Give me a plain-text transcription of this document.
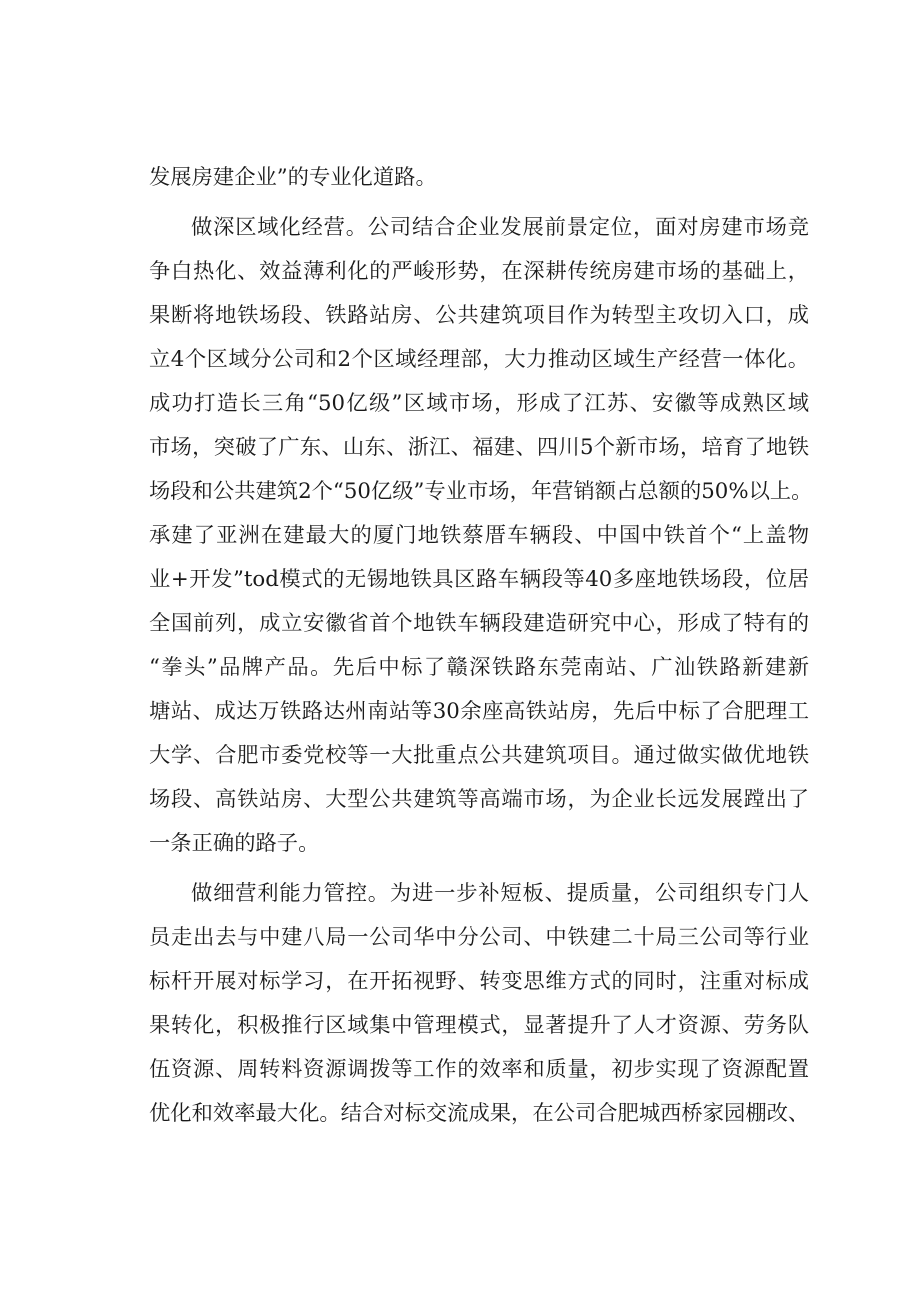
发展房建企业”的专业化道路。
做深区域化经营。公司结合企业发展前景定位，面对房建市场竞
争白热化、效益薄利化的严峻形势，在深耕传统房建市场的基础上，
果断将地铁场段、铁路站房、公共建筑项目作为转型主攻切入口，成
立4个区域分公司和2个区域经理部，大力推动区域生产经营一体化。
成功打造长三角“50亿级”区域市场，形成了江苏、安徽等成熟区域
市场，突破了广东、山东、浙江、福建、四川5个新市场，培育了地铁
场段和公共建筑2个“50亿级”专业市场，年营销额占总额的50%以上。
承建了亚洲在建最大的厦门地铁蔡厝车辆段、中国中铁首个“上盖物
业+开发”tod模式的无锡地铁具区路车辆段等40多座地铁场段，位居
全国前列，成立安徽省首个地铁车辆段建造研究中心，形成了特有的
“拳头”品牌产品。先后中标了赣深铁路东莞南站、广汕铁路新建新
塘站、成达万铁路达州南站等30余座高铁站房，先后中标了合肥理工
大学、合肥市委党校等一大批重点公共建筑项目。通过做实做优地铁
场段、高铁站房、大型公共建筑等高端市场，为企业长远发展蹚出了
一条正确的路子。
做细营利能力管控。为进一步补短板、提质量，公司组织专门人
员走出去与中建八局一公司华中分公司、中铁建二十局三公司等行业
标杆开展对标学习，在开拓视野、转变思维方式的同时，注重对标成
果转化，积极推行区域集中管理模式，显著提升了人才资源、劳务队
伍资源、周转料资源调拨等工作的效率和质量，初步实现了资源配置
优化和效率最大化。结合对标交流成果，在公司合肥城西桥家园棚改、
